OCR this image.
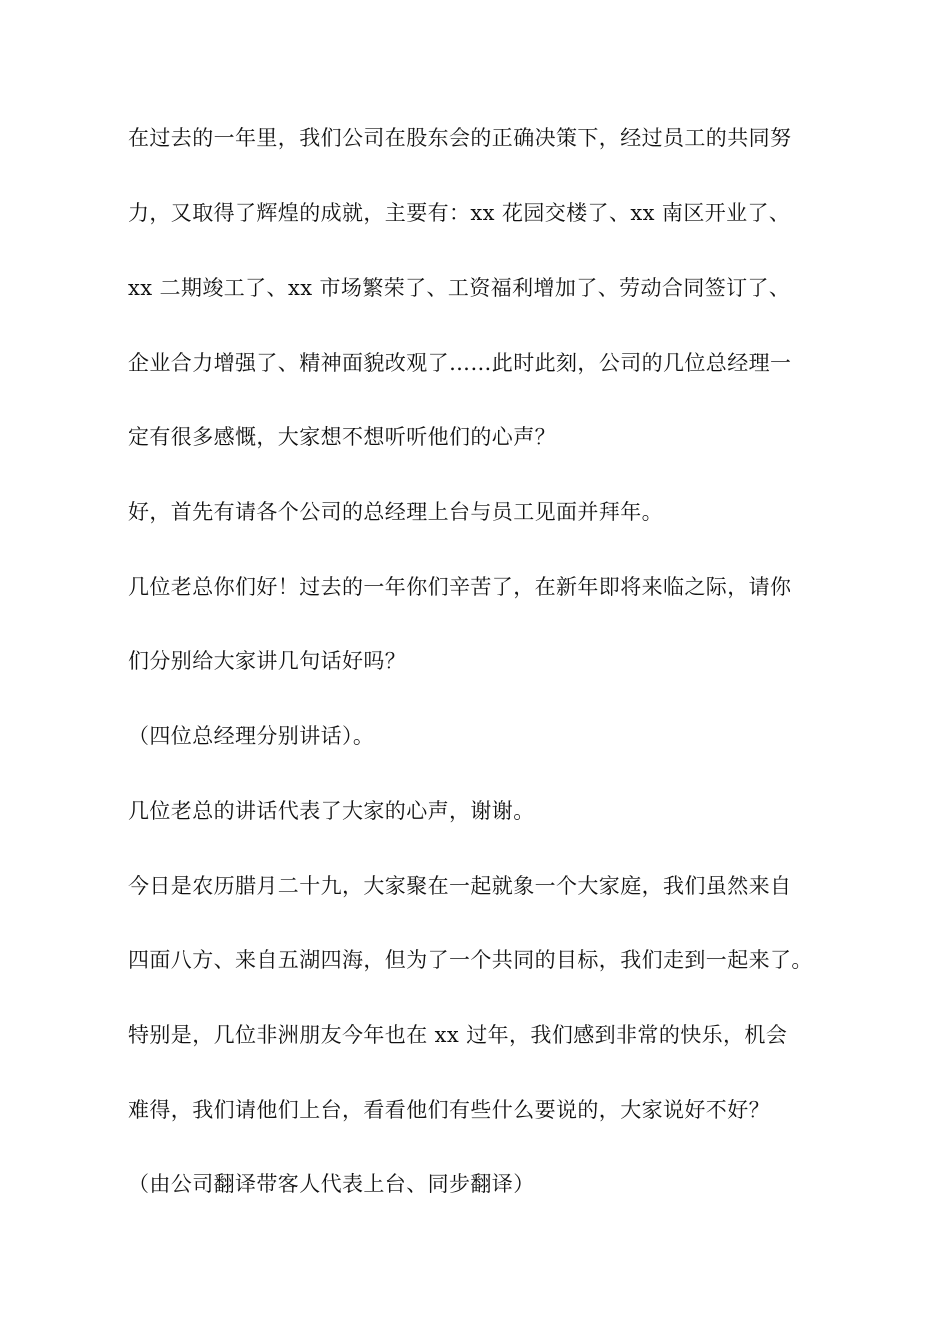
在过去的一年里，我们公司在股东会的正确决策下，经过员工的共同努
力，又取得了辉煌的成就，主要有：xx 花园交楼了、xx 南区开业了、
xx 二期竣工了、xx 市场繁荣了、工资福利增加了、劳动合同签订了、
企业合力增强了、精神面貌改观了……此时此刻，公司的几位总经理一
定有很多感慨，大家想不想听听他们的心声？
好，首先有请各个公司的总经理上台与员工见面并拜年。
几位老总你们好！过去的一年你们辛苦了，在新年即将来临之际，请你
们分别给大家讲几句话好吗？
（四位总经理分别讲话）。
几位老总的讲话代表了大家的心声，谢谢。
今日是农历腊月二十九，大家聚在一起就象一个大家庭，我们虽然来自
四面八方、来自五湖四海，但为了一个共同的目标，我们走到一起来了。
特别是，几位非洲朋友今年也在 xx 过年，我们感到非常的快乐，机会
难得，我们请他们上台，看看他们有些什么要说的，大家说好不好？
（由公司翻译带客人代表上台、同步翻译）
